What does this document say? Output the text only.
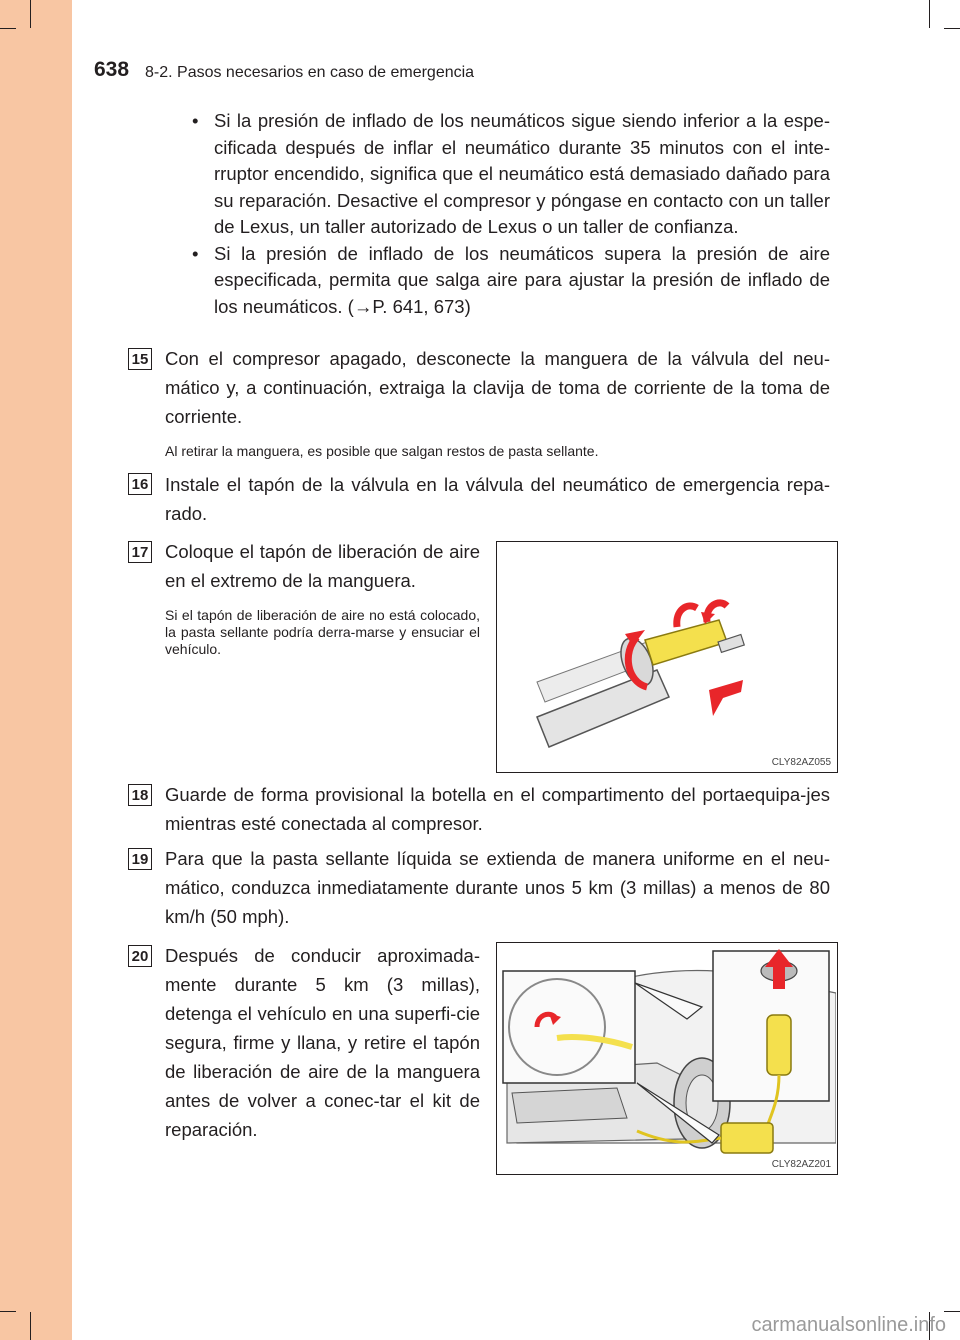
638 8-2. Pasos necesarios en caso de emergencia
• Si la presión de inflado de los neumáticos sigue siendo inferior a la espe-cificada después de inflar el neumático durante 35 minutos con el inte-rruptor encendido, significa que el neumático está demasiado dañado para su reparación. Desactive el compresor y póngase en contacto con un taller de Lexus, un taller autorizado de Lexus o un taller de confianza.
• Si la presión de inflado de los neumáticos supera la presión de aire especificada, permita que salga aire para ajustar la presión de inflado de los neumáticos. (→P. 641, 673)
15 Con el compresor apagado, desconecte la manguera de la válvula del neu-mático y, a continuación, extraiga la clavija de toma de corriente de la toma de corriente.
Al retirar la manguera, es posible que salgan restos de pasta sellante.
16 Instale el tapón de la válvula en la válvula del neumático de emergencia repa-rado.
17 Coloque el tapón de liberación de aire en el extremo de la manguera.
Si el tapón de liberación de aire no está colocado, la pasta sellante podría derra-marse y ensuciar el vehículo.
CLY82AZ055
18 Guarde de forma provisional la botella en el compartimento del portaequipa-jes mientras esté conectada al compresor.
19 Para que la pasta sellante líquida se extienda de manera uniforme en el neu-mático, conduzca inmediatamente durante unos 5 km (3 millas) a menos de 80 km/h (50 mph).
20 Después de conducir aproximada-mente durante 5 km (3 millas), detenga el vehículo en una superfi-cie segura, firme y llana, y retire el tapón de liberación de aire de la manguera antes de volver a conec-tar el kit de reparación.
CLY82AZ201
carmanualsonline.info
